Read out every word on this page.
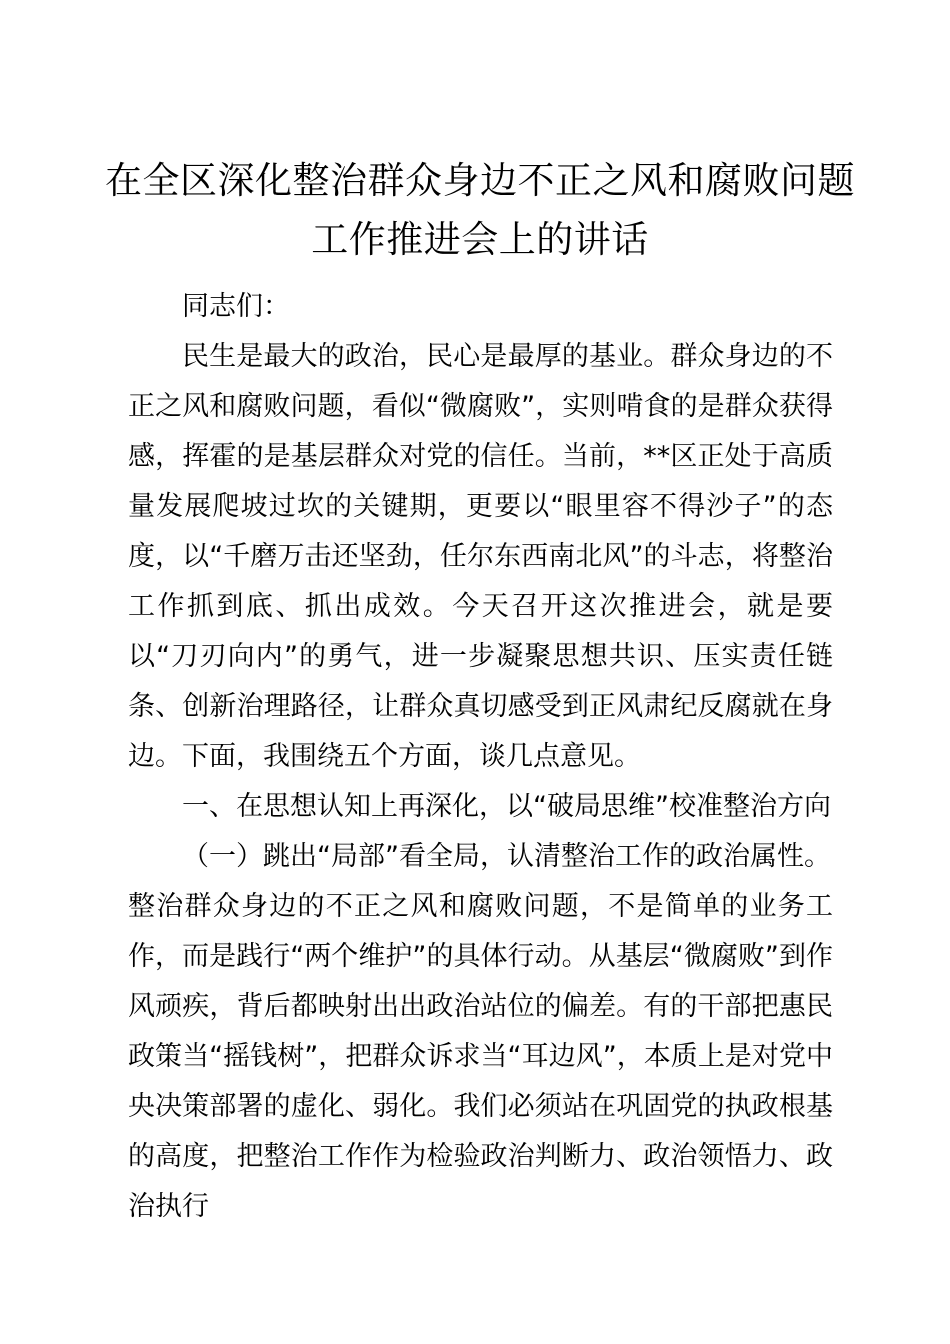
在全区深化整治群众身边不正之风和腐败问题
工作推进会上的讲话

同志们：

民生是最大的政治，民心是最厚的基业。群众身边的不正之风和腐败问题，看似“微腐败”，实则啃食的是群众获得感，挥霍的是基层群众对党的信任。当前，**区正处于高质量发展爬坡过坎的关键期，更要以“眼里容不得沙子”的态度，以“千磨万击还坚劲，任尔东西南北风”的斗志，将整治工作抓到底、抓出成效。今天召开这次推进会，就是要以“刀刃向内”的勇气，进一步凝聚思想共识、压实责任链条、创新治理路径，让群众真切感受到正风肃纪反腐就在身边。下面，我围绕五个方面，谈几点意见。

一、在思想认知上再深化，以“破局思维”校准整治方向

（一）跳出“局部”看全局，认清整治工作的政治属性。

整治群众身边的不正之风和腐败问题，不是简单的业务工作，而是践行“两个维护”的具体行动。从基层“微腐败”到作风顽疾，背后都映射出出政治站位的偏差。有的干部把惠民政策当“摇钱树”，把群众诉求当“耳边风”，本质上是对党中央决策部署的虚化、弱化。我们必须站在巩固党的执政根基的高度，把整治工作作为检验政治判断力、政治领悟力、政治执行
